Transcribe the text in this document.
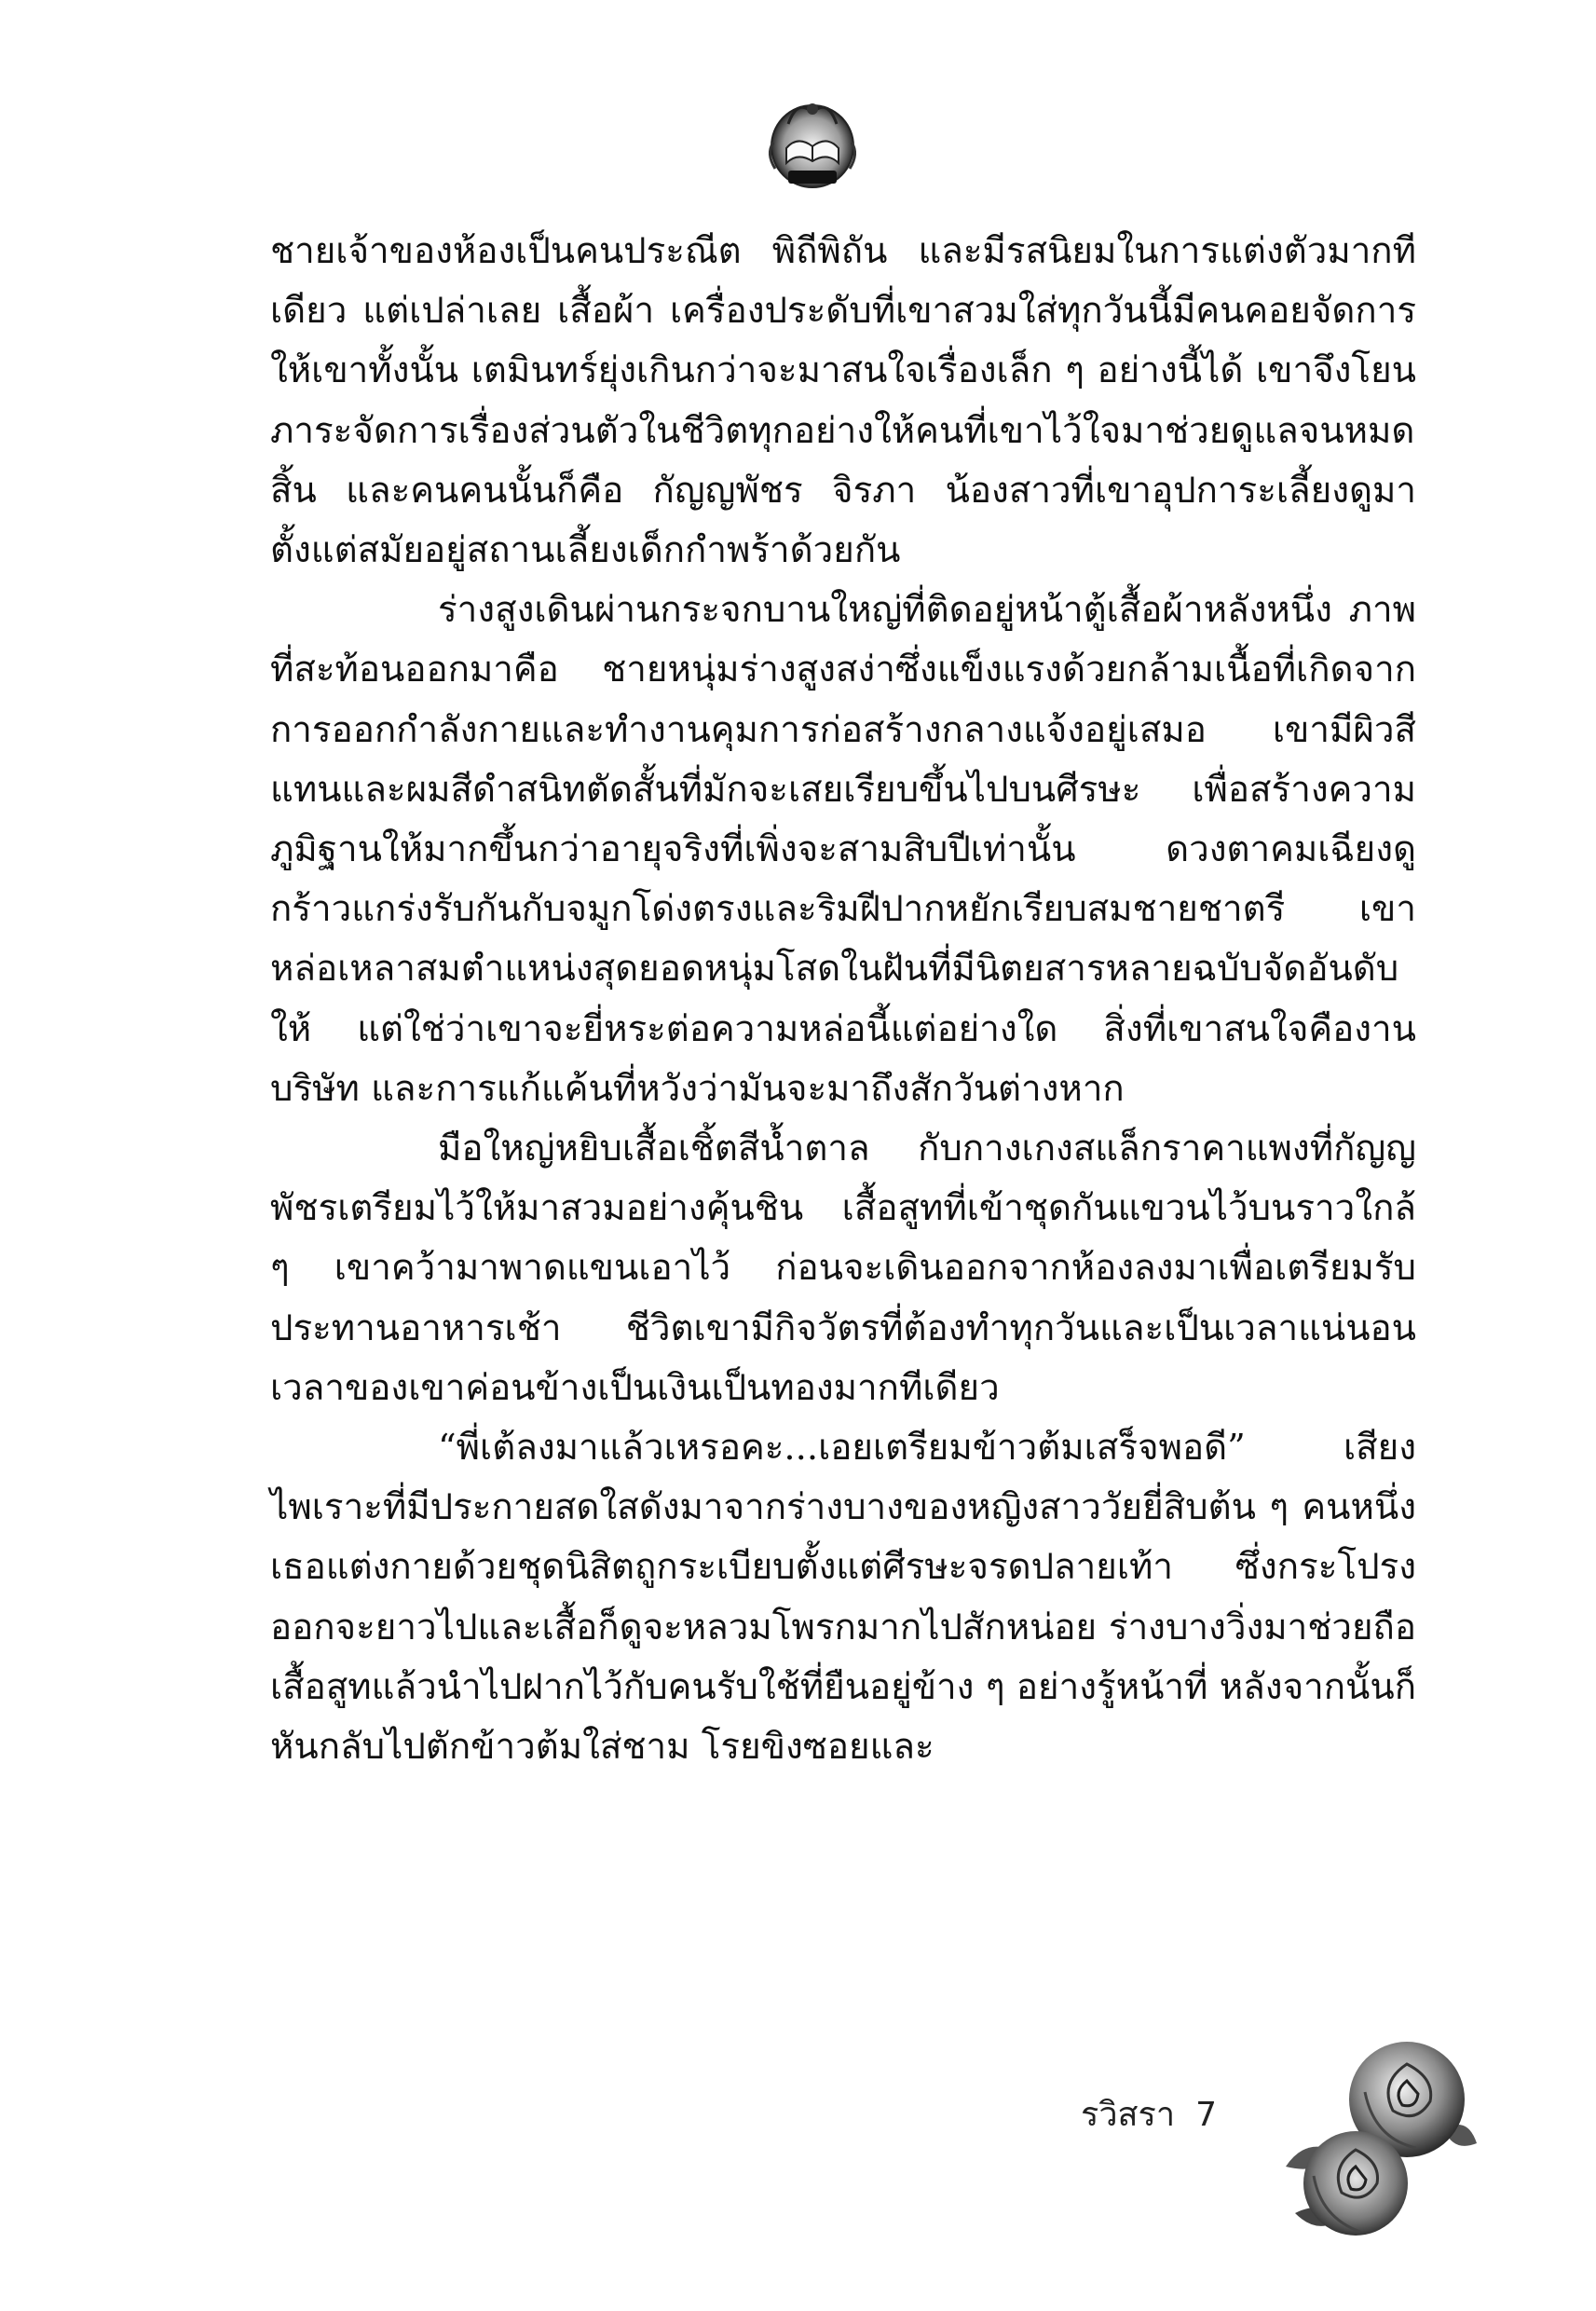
ชายเจ้าของห้องเป็นคนประณีต พิถีพิถัน และมีรสนิยมในการแต่งตัวมากทีเดียว แต่เปล่าเลย เสื้อผ้า เครื่องประดับที่เขาสวมใส่ทุกวันนี้มีคนคอยจัดการให้เขาทั้งนั้น เตมินทร์ยุ่งเกินกว่าจะมาสนใจเรื่องเล็ก ๆ อย่างนี้ได้ เขาจึงโยนภาระจัดการเรื่องส่วนตัวในชีวิตทุกอย่างให้คนที่เขาไว้ใจมาช่วยดูแลจนหมดสิ้น และคนคนนั้นก็คือ กัญญพัชร จิรภา น้องสาวที่เขาอุปการะเลี้ยงดูมาตั้งแต่สมัยอยู่สถานเลี้ยงเด็กกำพร้าด้วยกัน

ร่างสูงเดินผ่านกระจกบานใหญ่ที่ติดอยู่หน้าตู้เสื้อผ้าหลังหนึ่ง ภาพที่สะท้อนออกมาคือ ชายหนุ่มร่างสูงสง่าซึ่งแข็งแรงด้วยกล้ามเนื้อที่เกิดจากการออกกำลังกายและทำงานคุมการก่อสร้างกลางแจ้งอยู่เสมอ เขามีผิวสีแทนและผมสีดำสนิทตัดสั้นที่มักจะเสยเรียบขึ้นไปบนศีรษะ เพื่อสร้างความภูมิฐานให้มากขึ้นกว่าอายุจริงที่เพิ่งจะสามสิบปีเท่านั้น ดวงตาคมเฉียงดูกร้าวแกร่งรับกันกับจมูกโด่งตรงและริมฝีปากหยักเรียบสมชายชาตรี เขาหล่อเหลาสมตำแหน่งสุดยอดหนุ่มโสดในฝันที่มีนิตยสารหลายฉบับจัดอันดับให้ แต่ใช่ว่าเขาจะยี่หระต่อความหล่อนี้แต่อย่างใด สิ่งที่เขาสนใจคืองาน บริษัท และการแก้แค้นที่หวังว่ามันจะมาถึงสักวันต่างหาก

มือใหญ่หยิบเสื้อเชิ้ตสีน้ำตาล กับกางเกงสแล็กราคาแพงที่กัญญพัชรเตรียมไว้ให้มาสวมอย่างคุ้นชิน เสื้อสูทที่เข้าชุดกันแขวนไว้บนราวใกล้ ๆ เขาคว้ามาพาดแขนเอาไว้ ก่อนจะเดินออกจากห้องลงมาเพื่อเตรียมรับประทานอาหารเช้า ชีวิตเขามีกิจวัตรที่ต้องทำทุกวันและเป็นเวลาแน่นอน เวลาของเขาค่อนข้างเป็นเงินเป็นทองมากทีเดียว

“พี่เต้ลงมาแล้วเหรอคะ...เอยเตรียมข้าวต้มเสร็จพอดี” เสียงไพเราะที่มีประกายสดใสดังมาจากร่างบางของหญิงสาววัยยี่สิบต้น ๆ คนหนึ่ง เธอแต่งกายด้วยชุดนิสิตถูกระเบียบตั้งแต่ศีรษะจรดปลายเท้า ซึ่งกระโปรงออกจะยาวไปและเสื้อก็ดูจะหลวมโพรกมากไปสักหน่อย ร่างบางวิ่งมาช่วยถือเสื้อสูทแล้วนำไปฝากไว้กับคนรับใช้ที่ยืนอยู่ข้าง ๆ อย่างรู้หน้าที่ หลังจากนั้นก็หันกลับไปตักข้าวต้มใส่ชาม โรยขิงซอยและ

รวิสรา 7
